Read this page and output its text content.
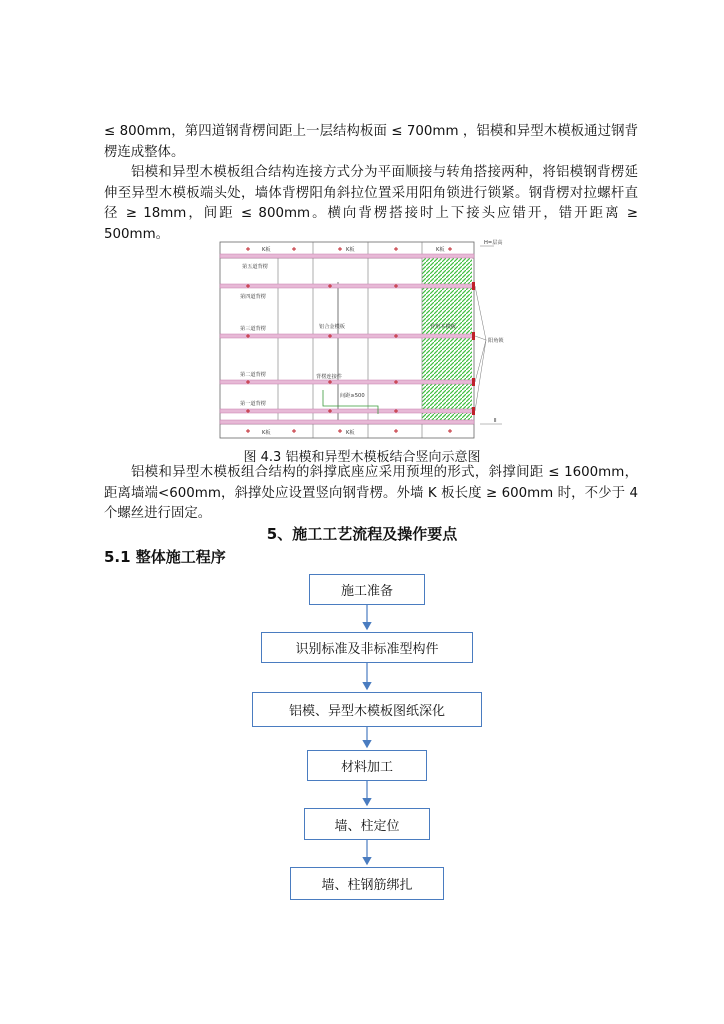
≤ 800mm，第四道钢背楞间距上一层结构板面 ≤ 700mm ，铝模和异型木模板通过钢背楞连成整体。
铝模和异型木模板组合结构连接方式分为平面顺接与转角搭接两种，将铝模钢背楞延伸至异型木模板端头处，墙体背楞阳角斜拉位置采用阳角锁进行锁紧。钢背楞对拉螺杆直径 ≥ 18mm，间距 ≤ 800mm。横向背楞搭接时上下接头应错开，错开距离 ≥ 500mm。
K板	K板	K板
K板	K板
H=层高
第五道背楞
第四道背楞
第三道背楞
第二道背楞
第一道背楞
铝合金模板	异形木模板
阳角锁
背楞连接件
间距≥500
Ⅱ
图 4.3 铝模和异型木模板结合竖向示意图
铝模和异型木模板组合结构的斜撑底座应采用预埋的形式，斜撑间距 ≤ 1600mm，距离墙端<600mm，斜撑处应设置竖向钢背楞。外墙 K 板长度 ≥ 600mm 时，不少于 4 个螺丝进行固定。
5、施工工艺流程及操作要点
5.1 整体施工程序
施工准备
识别标准及非标准型构件
铝模、异型木模板图纸深化
材料加工
墙、柱定位
墙、柱钢筋绑扎
